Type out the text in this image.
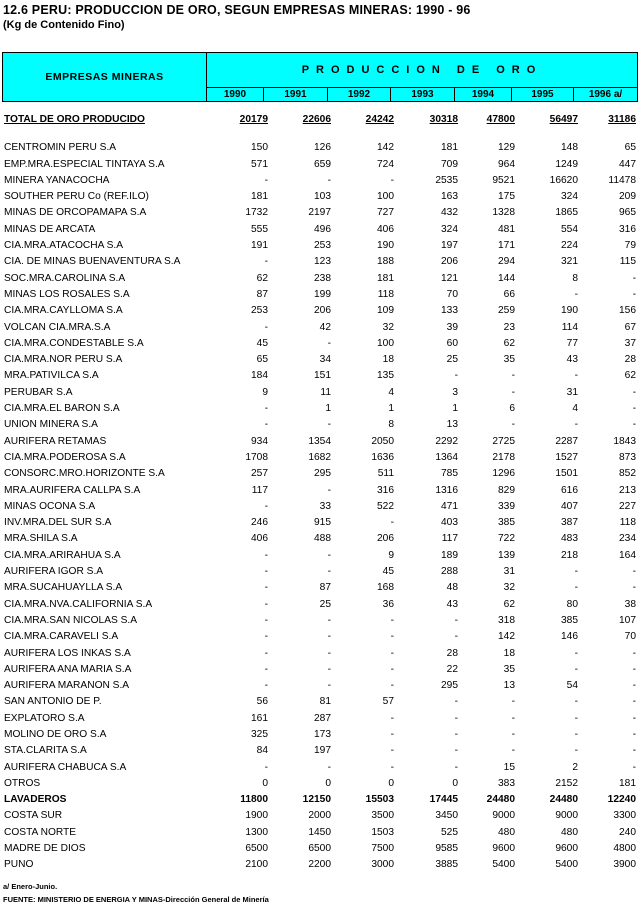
12.6 PERU: PRODUCCION DE ORO, SEGUN EMPRESAS MINERAS: 1990 - 96
(Kg de Contenido Fino)
EMPRESAS MINERAS
PRODUCCION DE ORO
1990	1991	1992	1993	1994	1995	1996 a/
TOTAL DE ORO PRODUCIDO	20179	22606	24242	30318	47800	56497	31186
CENTROMIN PERU S.A	150	126	142	181	129	148	65
EMP.MRA.ESPECIAL TINTAYA S.A	571	659	724	709	964	1249	447
MINERA YANACOCHA	-	-	-	2535	9521	16620	11478
SOUTHER PERU Co (REF.ILO)	181	103	100	163	175	324	209
MINAS DE ORCOPAMAPA S.A	1732	2197	727	432	1328	1865	965
MINAS DE ARCATA	555	496	406	324	481	554	316
CIA.MRA.ATACOCHA S.A	191	253	190	197	171	224	79
CIA. DE MINAS BUENAVENTURA S.A	-	123	188	206	294	321	115
SOC.MRA.CAROLINA S.A	62	238	181	121	144	8	-
MINAS LOS ROSALES S.A	87	199	118	70	66	-	-
CIA.MRA.CAYLLOMA S.A	253	206	109	133	259	190	156
VOLCAN CIA.MRA.S.A	-	42	32	39	23	114	67
CIA.MRA.CONDESTABLE S.A	45	-	100	60	62	77	37
CIA.MRA.NOR PERU S.A	65	34	18	25	35	43	28
MRA.PATIVILCA S.A	184	151	135	-	-	-	62
PERUBAR S.A	9	11	4	3	-	31	-
CIA.MRA.EL BARON S.A	-	1	1	1	6	4	-
UNION MINERA S.A	-	-	8	13	-	-	-
AURIFERA RETAMAS	934	1354	2050	2292	2725	2287	1843
CIA.MRA.PODEROSA S.A	1708	1682	1636	1364	2178	1527	873
CONSORC.MRO.HORIZONTE S.A	257	295	511	785	1296	1501	852
MRA.AURIFERA CALLPA S.A	117	-	316	1316	829	616	213
MINAS OCONA S.A	-	33	522	471	339	407	227
INV.MRA.DEL SUR S.A	246	915	-	403	385	387	118
MRA.SHILA S.A	406	488	206	117	722	483	234
CIA.MRA.ARIRAHUA S.A	-	-	9	189	139	218	164
AURIFERA IGOR S.A	-	-	45	288	31	-	-
MRA.SUCAHUAYLLA S.A	-	87	168	48	32	-	-
CIA.MRA.NVA.CALIFORNIA S.A	-	25	36	43	62	80	38
CIA.MRA.SAN NICOLAS S.A	-	-	-	-	318	385	107
CIA.MRA.CARAVELI S.A	-	-	-	-	142	146	70
AURIFERA LOS INKAS S.A	-	-	-	28	18	-	-
AURIFERA ANA MARIA S.A	-	-	-	22	35	-	-
AURIFERA MARANON S.A	-	-	-	295	13	54	-
SAN ANTONIO DE P.	56	81	57	-	-	-	-
EXPLATORO S.A	161	287	-	-	-	-	-
MOLINO DE ORO S.A	325	173	-	-	-	-	-
STA.CLARITA S.A	84	197	-	-	-	-	-
AURIFERA CHABUCA S.A	-	-	-	-	15	2	-
OTROS	0	0	0	0	383	2152	181
LAVADEROS	11800	12150	15503	17445	24480	24480	12240
COSTA SUR	1900	2000	3500	3450	9000	9000	3300
COSTA NORTE	1300	1450	1503	525	480	480	240
MADRE DE DIOS	6500	6500	7500	9585	9600	9600	4800
PUNO	2100	2200	3000	3885	5400	5400	3900
a/ Enero-Junio.
FUENTE: MINISTERIO DE ENERGIA Y MINAS-Dirección General de Minería
